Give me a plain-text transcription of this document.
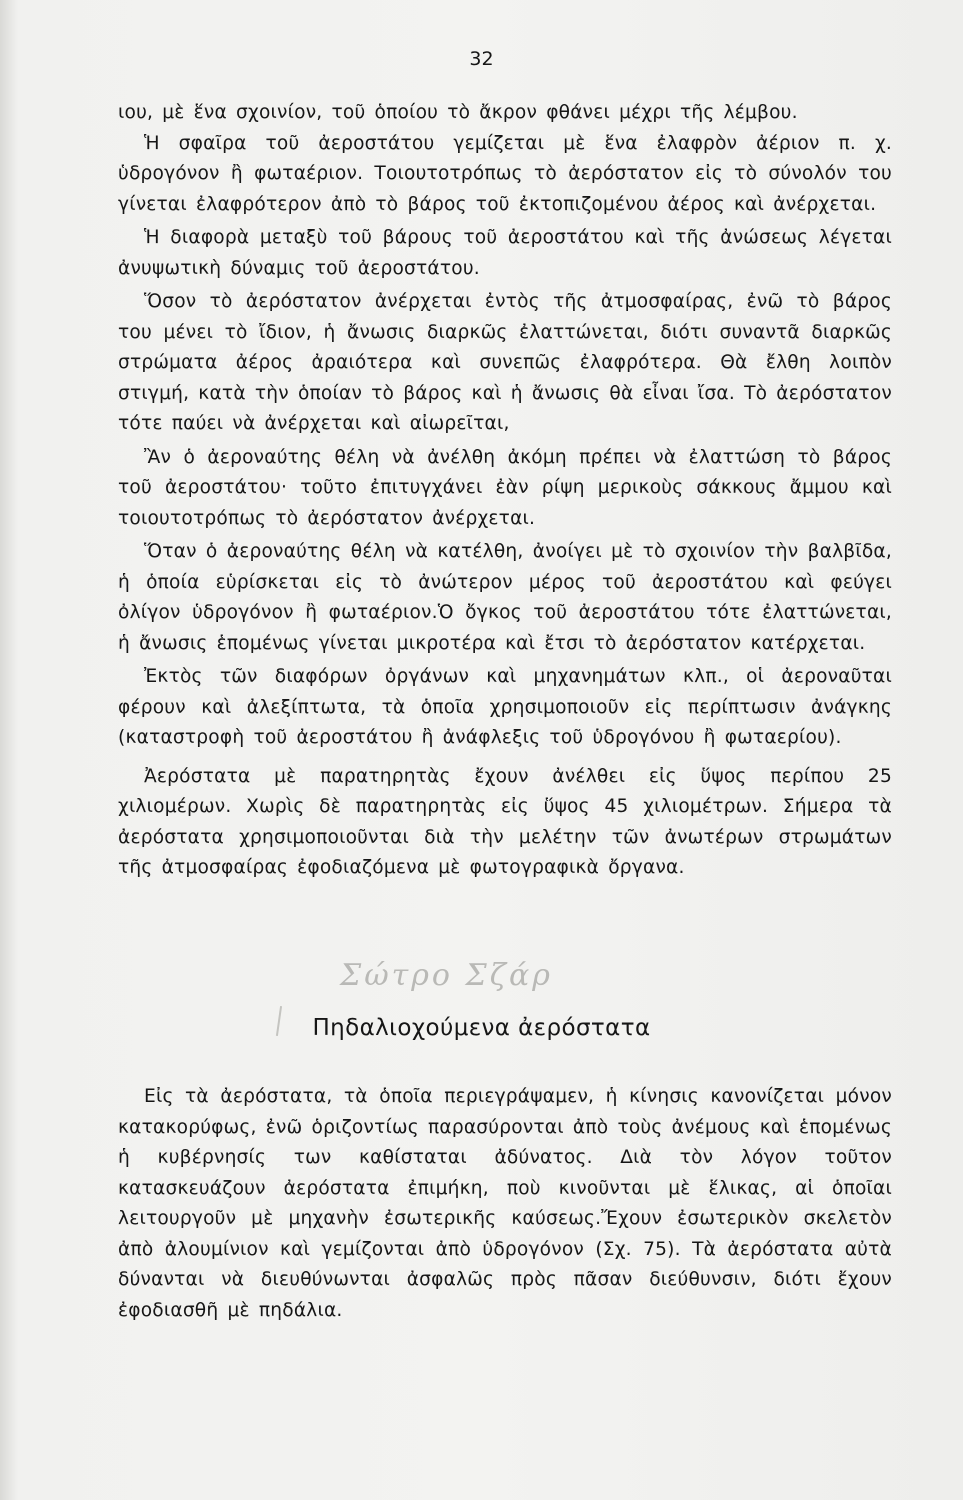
32

ιου, μὲ ἕνα σχοινίον, τοῦ ὁποίου τὸ ἄκρον φθάνει μέχρι τῆς λέμβου.

Ἡ σφαῖρα τοῦ ἀεροστάτου γεμίζεται μὲ ἕνα ἐλαφρὸν ἀέριον π. χ. ὑδρογόνον ἢ φωταέριον. Τοιουτοτρόπως τὸ ἀερόστατον εἰς τὸ σύνολόν του γίνεται ἐλαφρότερον ἀπὸ τὸ βάρος τοῦ ἐκτοπιζομένου ἀέρος καὶ ἀνέρχεται.

Ἡ διαφορὰ μεταξὺ τοῦ βάρους τοῦ ἀεροστάτου καὶ τῆς ἀνώσεως λέγεται ἀνυψωτικὴ δύναμις τοῦ ἀεροστάτου.

Ὅσον τὸ ἀερόστατον ἀνέρχεται ἐντὸς τῆς ἀτμοσφαίρας, ἐνῶ τὸ βάρος του μένει τὸ ἴδιον, ἡ ἄνωσις διαρκῶς ἐλαττώνεται, διότι συναντᾶ διαρκῶς στρώματα ἀέρος ἀραιότερα καὶ συνεπῶς ἐλαφρότερα. Θὰ ἔλθη λοιπὸν στιγμή, κατὰ τὴν ὁποίαν τὸ βάρος καὶ ἡ ἄνωσις θὰ εἶναι ἴσα. Τὸ ἀερόστατον τότε παύει νὰ ἀνέρχεται καὶ αἰωρεῖται,

Ἂν ὁ ἀεροναύτης θέλη νὰ ἀνέλθη ἀκόμη πρέπει νὰ ἐλαττώση τὸ βάρος τοῦ ἀεροστάτου· τοῦτο ἐπιτυγχάνει ἐὰν ρίψη μερικοὺς σάκκους ἄμμου καὶ τοιουτοτρόπως τὸ ἀερόστατον ἀνέρχεται.

Ὅταν ὁ ἀεροναύτης θέλη νὰ κατέλθη, ἀνοίγει μὲ τὸ σχοινίον τὴν βαλβῖδα, ἡ ὁποία εὑρίσκεται εἰς τὸ ἀνώτερον μέρος τοῦ ἀεροστάτου καὶ φεύγει ὀλίγον ὑδρογόνον ἢ φωταέριον.Ὁ ὄγκος τοῦ ἀεροστάτου τότε ἐλαττώνεται, ἡ ἄνωσις ἑπομένως γίνεται μικροτέρα καὶ ἔτσι τὸ ἀερόστατον κατέρχεται.

Ἐκτὸς τῶν διαφόρων ὀργάνων καὶ μηχανημάτων κλπ., οἱ ἀεροναῦται φέρουν καὶ ἀλεξίπτωτα, τὰ ὁποῖα χρησιμοποιοῦν εἰς περίπτωσιν ἀνάγκης (καταστροφὴ τοῦ ἀεροστάτου ἢ ἀνάφλεξις τοῦ ὑδρογόνου ἢ φωταερίου).

Ἀερόστατα μὲ παρατηρητὰς ἔχουν ἀνέλθει εἰς ὕψος περίπου 25 χιλιομέρων. Χωρὶς δὲ παρατηρητὰς εἰς ὕψος 45 χιλιομέτρων. Σήμερα τὰ ἀερόστατα χρησιμοποιοῦνται διὰ τὴν μελέτην τῶν ἀνωτέρων στρωμάτων τῆς ἀτμοσφαίρας ἐφοδιαζόμενα μὲ φωτογραφικὰ ὄργανα.

Σώτρο Σζάρ
Πηδαλιοχούμενα ἀερόστατα

Εἰς τὰ ἀερόστατα, τὰ ὁποῖα περιεγράψαμεν, ἡ κίνησις κανονίζεται μόνον κατακορύφως, ἐνῶ ὁριζοντίως παρασύρονται ἀπὸ τοὺς ἀνέμους καὶ ἑπομένως ἡ κυβέρνησίς των καθίσταται ἀδύνατος. Διὰ τὸν λόγον τοῦτον κατασκευάζουν ἀερόστατα ἐπιμήκη, ποὺ κινοῦνται μὲ ἕλικας, αἱ ὁποῖαι λειτουργοῦν μὲ μηχανὴν ἐσωτερικῆς καύσεως.Ἔχουν ἐσωτερικὸν σκελετὸν ἀπὸ ἀλουμίνιον καὶ γεμίζονται ἀπὸ ὑδρογόνον (Σχ. 75). Τὰ ἀερόστατα αὐτὰ δύνανται νὰ διευθύνωνται ἀσφαλῶς πρὸς πᾶσαν διεύθυνσιν, διότι ἔχουν ἐφοδιασθῆ μὲ πηδάλια.
